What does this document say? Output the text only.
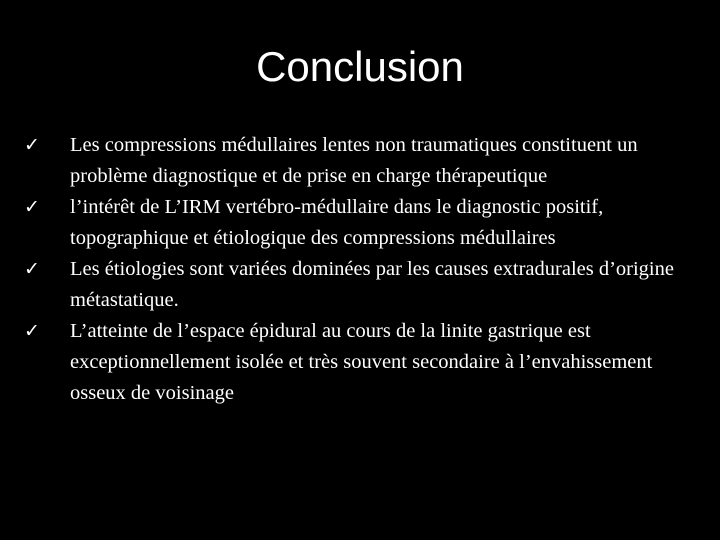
Conclusion
✓ Les compressions médullaires lentes non traumatiques constituent un problème diagnostique et de prise en charge thérapeutique
✓ l’intérêt de L’IRM vertébro-médullaire dans le diagnostic positif, topographique et étiologique des compressions médullaires
✓ Les étiologies sont variées dominées par les causes extradurales d’origine métastatique.
✓ L’atteinte de l’espace épidural au cours de la linite gastrique est exceptionnellement isolée et très souvent secondaire à l’envahissement osseux de voisinage
